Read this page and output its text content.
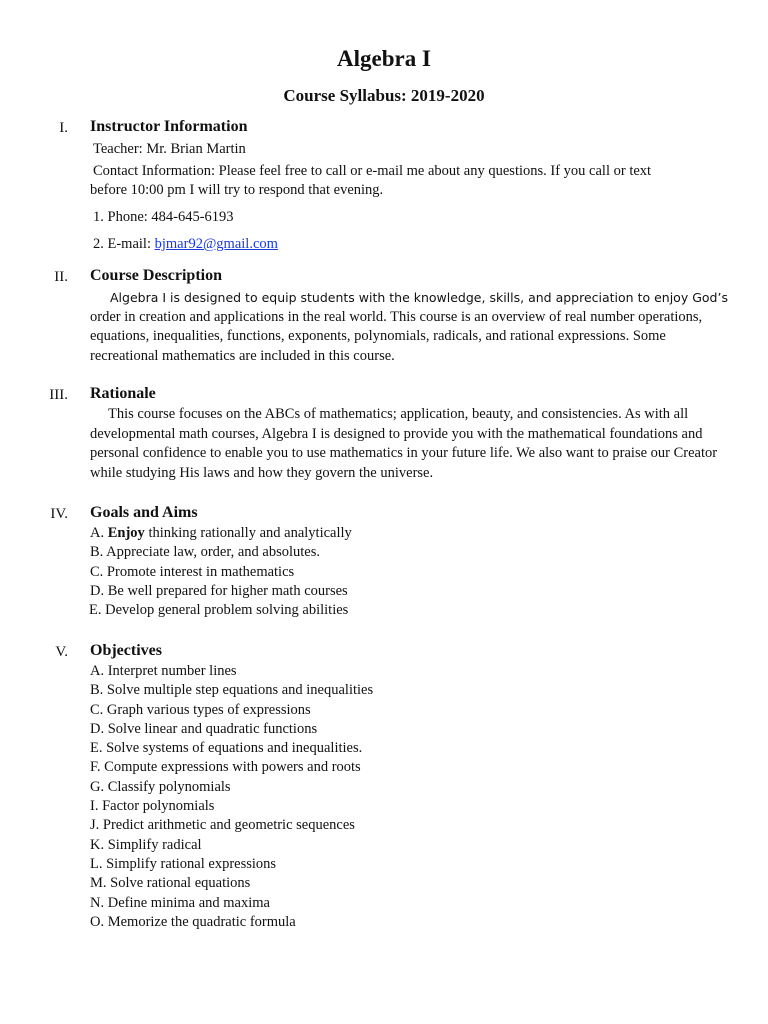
Algebra I
Course Syllabus: 2019-2020
I. Instructor Information
Teacher: Mr. Brian Martin
Contact Information: Please feel free to call or e-mail me about any questions. If you call or text
before 10:00 pm I will try to respond that evening.
1. Phone: 484-645-6193
2. E-mail: bjmar92@gmail.com
II. Course Description
Algebra I is designed to equip students with the knowledge, skills, and appreciation to enjoy God’s

order in creation and applications in the real world. This course is an overview of real number operations, equations, inequalities, functions, exponents, polynomials, radicals, and rational expressions. Some recreational mathematics are included in this course.

III. Rationale

This course focuses on the ABCs of mathematics; application, beauty, and consistencies. As with all developmental math courses, Algebra I is designed to provide you with the mathematical foundations and personal confidence to enable you to use mathematics in your future life. We also want to praise our Creator while studying His laws and how they govern the universe.

IV. Goals and Aims
A. Enjoy thinking rationally and analytically
B. Appreciate law, order, and absolutes.
C. Promote interest in mathematics
D. Be well prepared for higher math courses
E. Develop general problem solving abilities
V. Objectives
A. Interpret number lines
B. Solve multiple step equations and inequalities
C. Graph various types of expressions
D. Solve linear and quadratic functions
E. Solve systems of equations and inequalities.
F. Compute expressions with powers and roots
G. Classify polynomials
I. Factor polynomials
J. Predict arithmetic and geometric sequences
K. Simplify radical
L. Simplify rational expressions
M. Solve rational equations
N. Define minima and maxima
O. Memorize the quadratic formula
